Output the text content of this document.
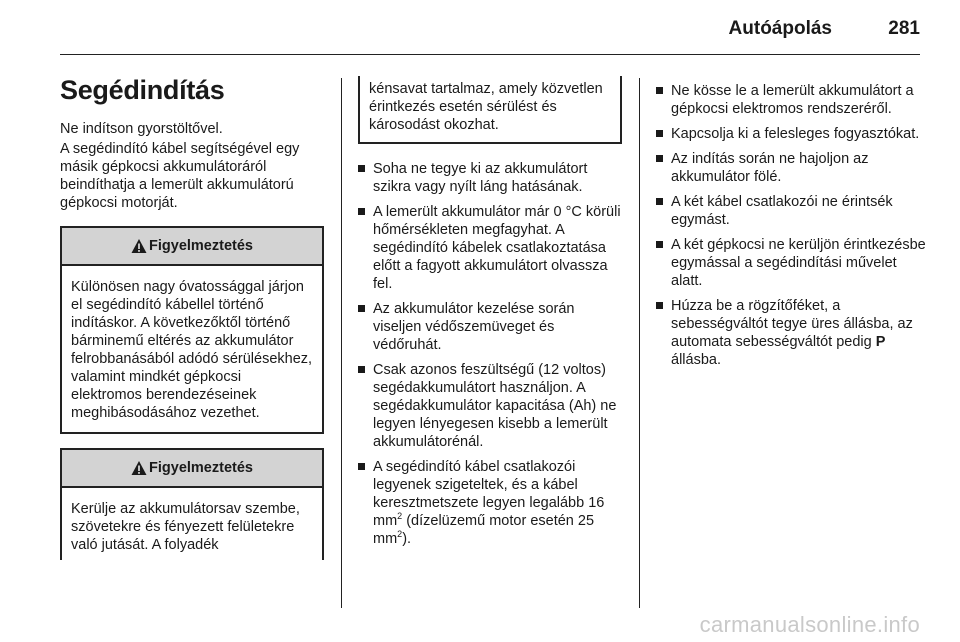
Autóápolás	281
Segédindítás

Ne indítson gyorstöltővel.

A segédindító kábel segítségével egy másik gépkocsi akkumulátoráról beindíthatja a lemerült akkumulátorú gépkocsi motorját.

Figyelmeztetés
Különösen nagy óvatossággal járjon el segédindító kábellel történő indításkor. A következőktől történő bárminemű eltérés az akkumulátor felrobbanásából adódó sérülésekhez, valamint mindkét gépkocsi elektromos berendezéseinek meghibásodásához vezethet.
Figyelmeztetés
Kerülje az akkumulátorsav szembe, szövetekre és fényezett felületekre való jutását. A folyadék
kénsavat tartalmaz, amely közvetlen érintkezés esetén sérülést és károsodást okozhat.
Soha ne tegye ki az akkumulátort szikra vagy nyílt láng hatásának.
A lemerült akkumulátor már 0 °C körüli hőmérsékleten megfagyhat. A segédindító kábelek csatlakoztatása előtt a fagyott akkumulátort olvassza fel.
Az akkumulátor kezelése során viseljen védőszemüveget és védőruhát.
Csak azonos feszültségű (12 voltos) segédakkumulátort használjon. A segédakkumulátor kapacitása (Ah) ne legyen lényegesen kisebb a lemerült akkumulátorénál.
A segédindító kábel csatlakozói legyenek szigeteltek, és a kábel keresztmetszete legyen legalább 16 $mm^2$ (dízelüzemű motor esetén 25 $mm^2$).
Ne kösse le a lemerült akkumulátort a gépkocsi elektromos rendszeréről.
Kapcsolja ki a felesleges fogyasztókat.
Az indítás során ne hajoljon az akkumulátor fölé.
A két kábel csatlakozói ne érintsék egymást.
A két gépkocsi ne kerüljön érintkezésbe egymással a segédindítási művelet alatt.
Húzza be a rögzítőféket, a sebességváltót tegye üres állásba, az automata sebességváltót pedig P állásba.
carmanualsonline.info
